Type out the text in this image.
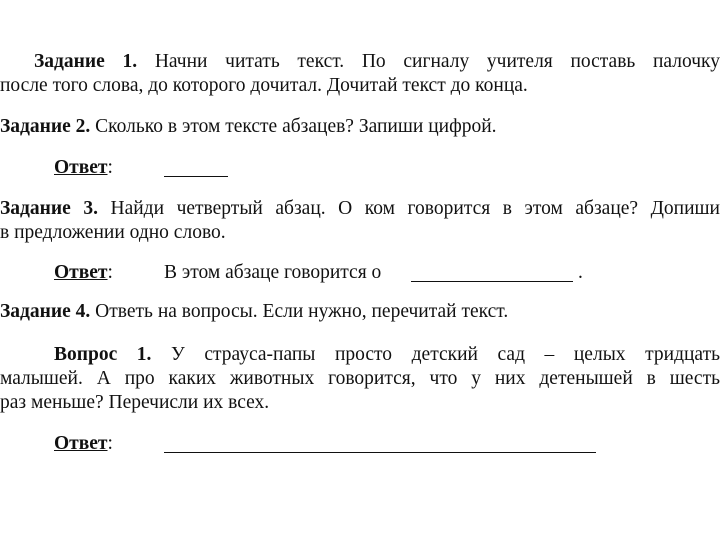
Задание 1. Начни читать текст. По сигналу учителя поставь палочку
после того слова, до которого дочитал. Дочитай текст до конца.
Задание 2. Сколько в этом тексте абзацев? Запиши цифрой.
Ответ:
Задание 3. Найди четвертый абзац. О ком говорится в этом абзаце? Допиши
в предложении одно слово.
Ответ:	В этом абзаце говорится о	.
Задание 4. Ответь на вопросы. Если нужно, перечитай текст.
Вопрос 1. У страуса-папы просто детский сад – целых тридцать
малышей. А про каких животных говорится, что у них детенышей в шесть
раз меньше? Перечисли их всех.
Ответ:
